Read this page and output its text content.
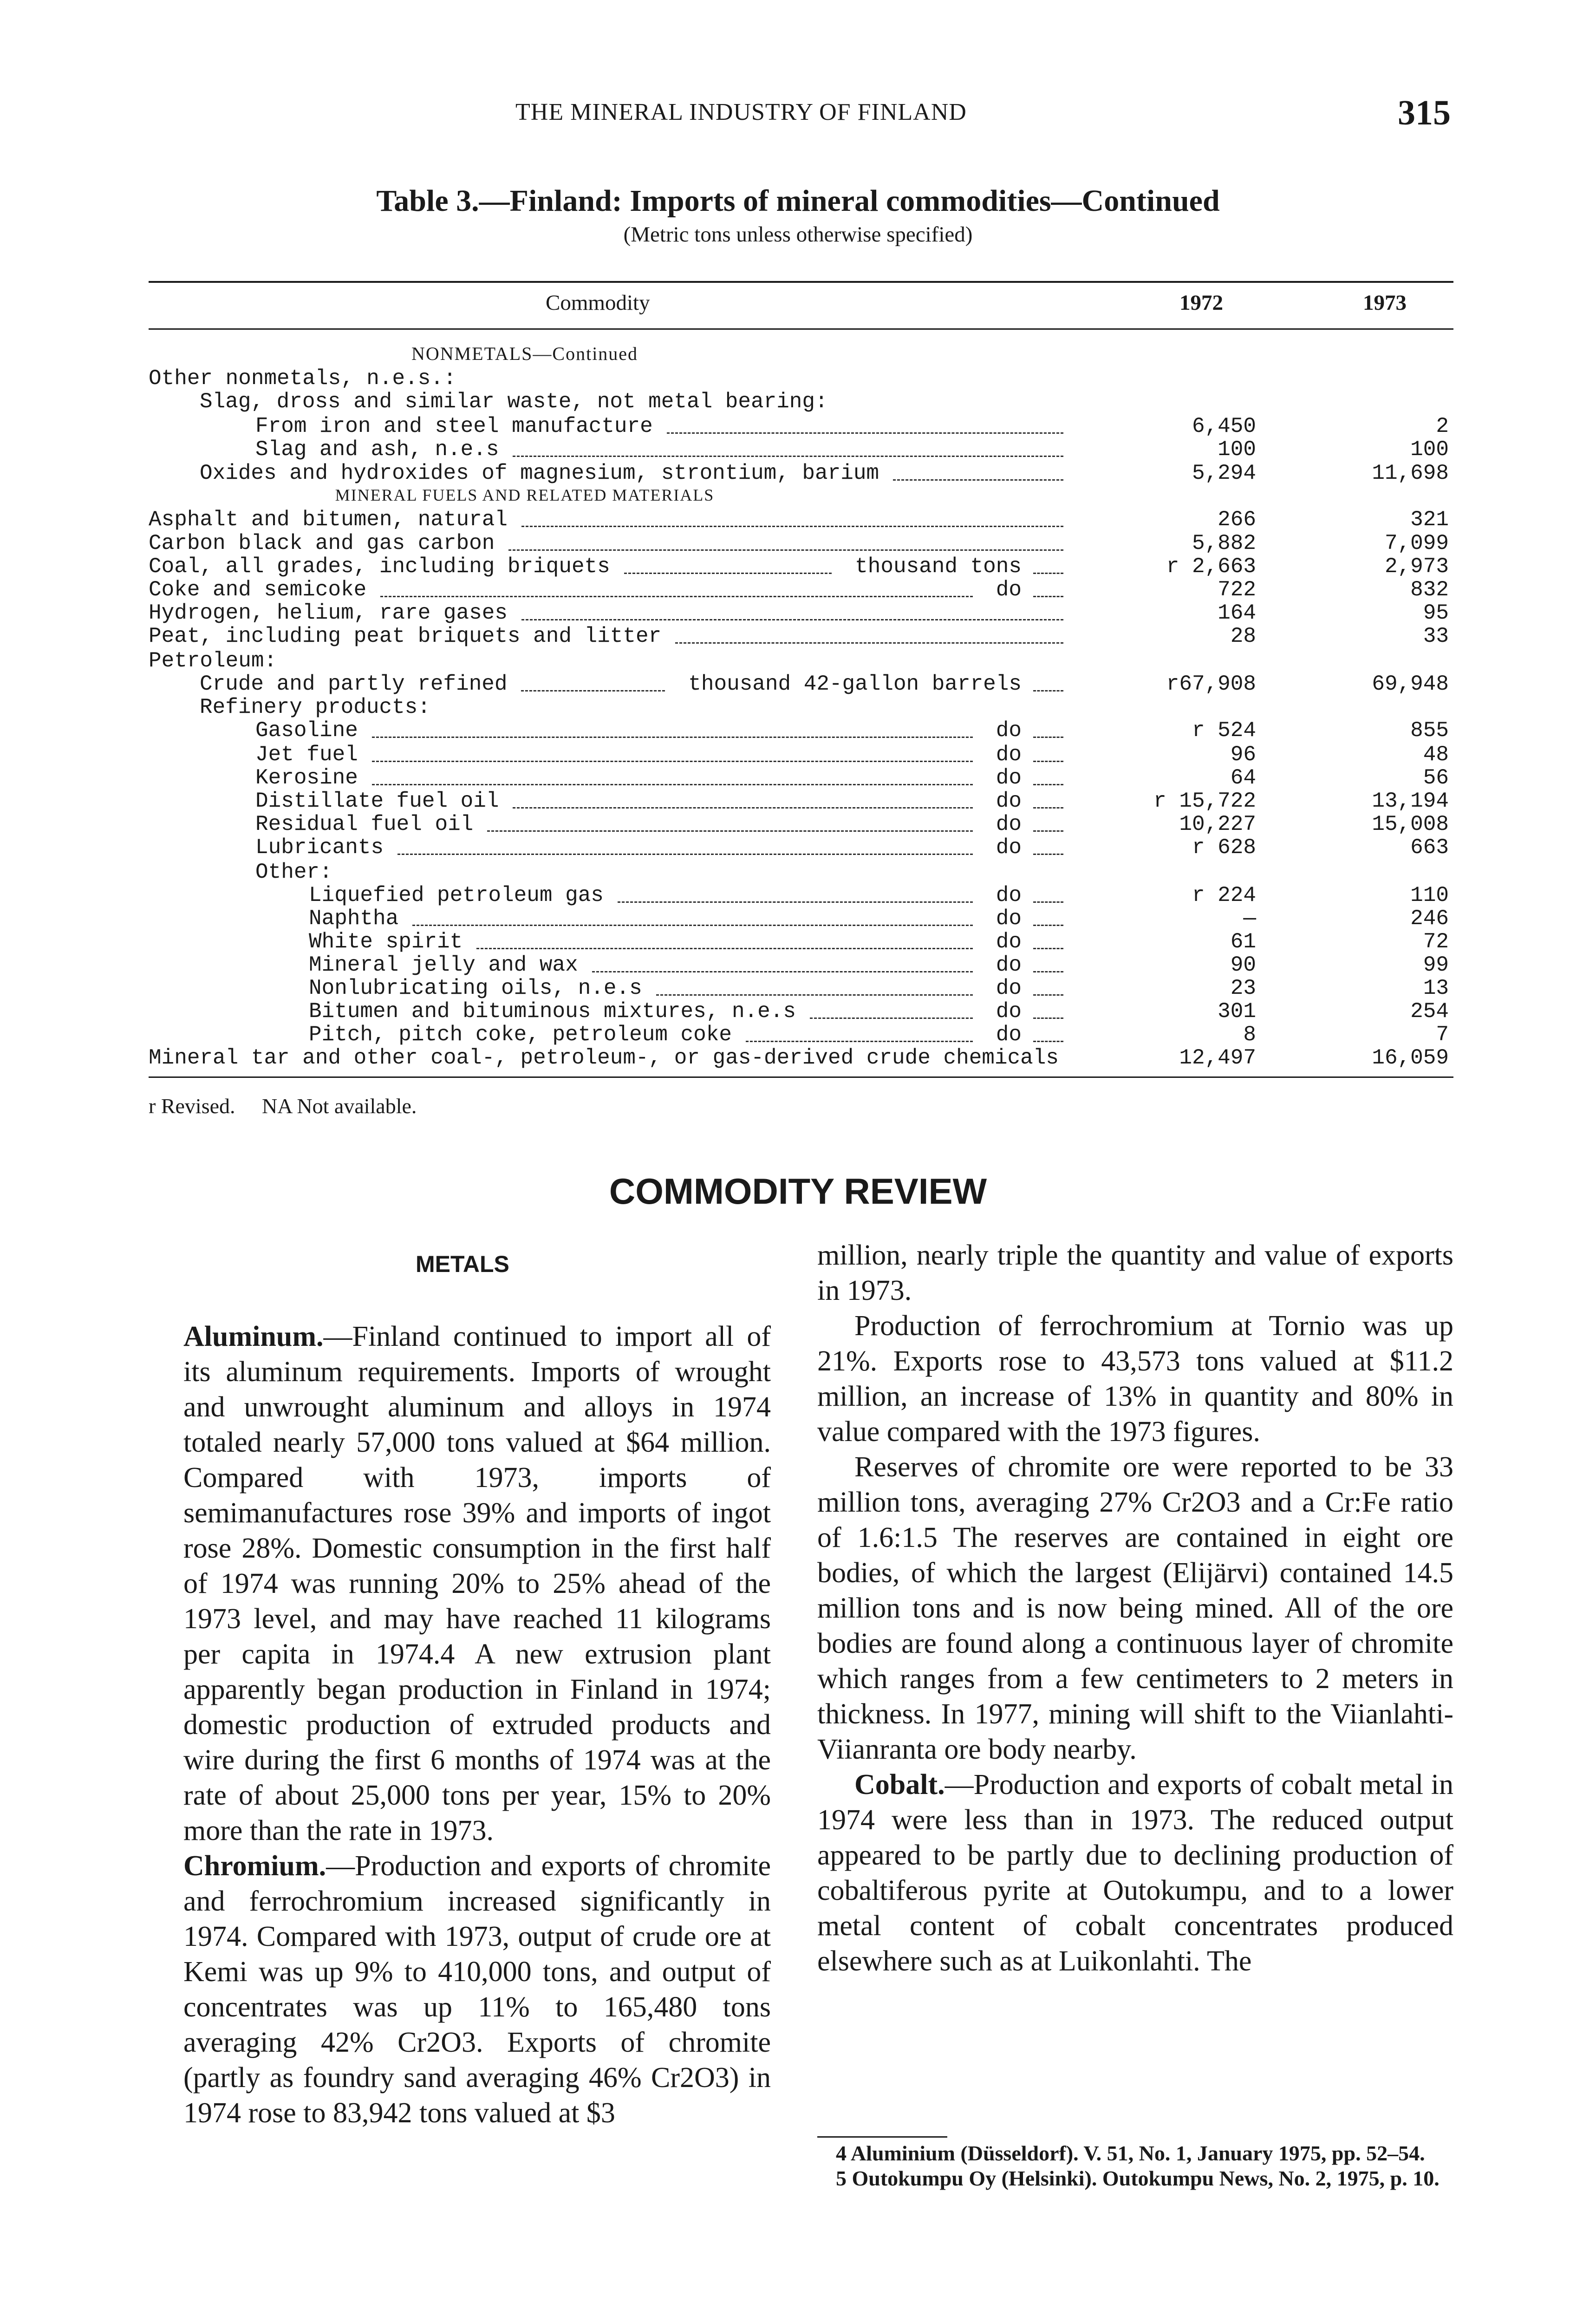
THE MINERAL INDUSTRY OF FINLAND	315
Table 3.—Finland: Imports of mineral commodities—Continued
(Metric tons unless otherwise specified)
Commodity	1972	1973
NONMETALS—Continued
Other nonmetals, n.e.s.:
Slag, dross and similar waste, not metal bearing:
From iron and steel manufacture	6,450	2
Slag and ash, n.e.s	100	100
Oxides and hydroxides of magnesium, strontium, barium	5,294	11,698
Asphalt and bitumen, natural	266	321
Carbon black and gas carbon	5,882	7,099
Coal, all grades, including briquets	thousand tons	r 2,663	2,973
Coke and semicoke	do	722	832
Hydrogen, helium, rare gases	164	95
Peat, including peat briquets and litter	28	33
Petroleum:
Crude and partly refined	thousand 42-gallon barrels	r67,908	69,948
Refinery products:
Gasoline	do	r 524	855
Jet fuel	do	96	48
Kerosine	do	64	56
Distillate fuel oil	do	r 15,722	13,194
Residual fuel oil	do	10,227	15,008
Lubricants	do	r 628	663
Other:
Liquefied petroleum gas	do	r 224	110
Naphtha	do	—	246
White spirit	do	61	72
Mineral jelly and wax	do	90	99
Nonlubricating oils, n.e.s	do	23	13
Bitumen and bituminous mixtures, n.e.s	do	301	254
Pitch, pitch coke, petroleum coke	do	8	7
Mineral tar and other coal-, petroleum-, or gas-derived crude chemicals	12,497	16,059
MINERAL FUELS AND RELATED MATERIALS
r Revised.     NA Not available.
COMMODITY REVIEW
METALS

Aluminum.—Finland continued to import all of its aluminum requirements. Imports of wrought and unwrought aluminum and alloys in 1974 totaled nearly 57,000 tons valued at $64 million. Compared with 1973, imports of semimanufactures rose 39% and imports of ingot rose 28%. Domestic consumption in the first half of 1974 was running 20% to 25% ahead of the 1973 level, and may have reached 11 kilograms per capita in 1974.4 A new extrusion plant apparently began production in Finland in 1974; domestic production of extruded products and wire during the first 6 months of 1974 was at the rate of about 25,000 tons per year, 15% to 20% more than the rate in 1973.

Chromium.—Production and exports of chromite and ferrochromium increased significantly in 1974. Compared with 1973, output of crude ore at Kemi was up 9% to 410,000 tons, and output of concentrates was up 11% to 165,480 tons averaging 42% Cr2O3. Exports of chromite (partly as foundry sand averaging 46% Cr2O3) in 1974 rose to 83,942 tons valued at $3

million, nearly triple the quantity and value of exports in 1973.

Production of ferrochromium at Tornio was up 21%. Exports rose to 43,573 tons valued at $11.2 million, an increase of 13% in quantity and 80% in value compared with the 1973 figures.

Reserves of chromite ore were reported to be 33 million tons, averaging 27% Cr2O3 and a Cr:Fe ratio of 1.6:1.5 The reserves are contained in eight ore bodies, of which the largest (Elijärvi) contained 14.5 million tons and is now being mined. All of the ore bodies are found along a continuous layer of chromite which ranges from a few centimeters to 2 meters in thickness. In 1977, mining will shift to the Viianlahti-Viianranta ore body nearby.

Cobalt.—Production and exports of cobalt metal in 1974 were less than in 1973. The reduced output appeared to be partly due to declining production of cobaltiferous pyrite at Outokumpu, and to a lower metal content of cobalt concentrates produced elsewhere such as at Luikonlahti. The

4 Aluminium (Düsseldorf). V. 51, No. 1, January 1975, pp. 52–54.
5 Outokumpu Oy (Helsinki). Outokumpu News, No. 2, 1975, p. 10.
